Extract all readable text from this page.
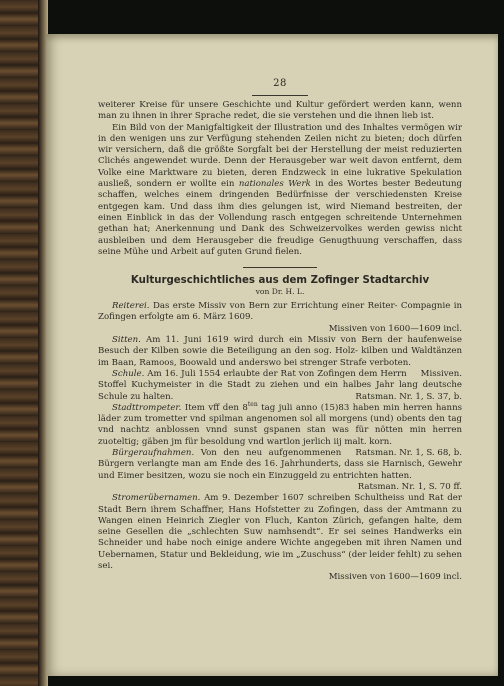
28

weiterer Kreise für unsere Geschichte und Kultur gefördert werden kann, wenn man zu ihnen in ihrer Sprache redet, die sie verstehen und die ihnen lieb ist.

Ein Bild von der Manigfaltigkeit der Illustration und des Inhaltes vermögen wir in den wenigen uns zur Verfügung stehenden Zeilen nicht zu bieten; doch dürfen wir versichern, daß die größte Sorgfalt bei der Herstellung der meist reduzierten Clichés angewendet wurde. Denn der Herausgeber war weit davon entfernt, dem Volke eine Marktware zu bieten, deren Endzweck in eine lukrative Spekulation ausließ, sondern er wollte ein nationales Werk in des Wortes bester Bedeutung schaffen, welches einem dringenden Bedürfnisse der verschiedensten Kreise entgegen kam. Und dass ihm dies gelungen ist, wird Niemand bestreiten, der einen Einblick in das der Vollendung rasch entgegen schreitende Unternehmen gethan hat; Anerkennung und Dank des Schweizervolkes werden gewiss nicht ausbleiben und dem Herausgeber die freudige Genugthuung verschaffen, dass seine Mühe und Arbeit auf guten Grund fielen.

Kulturgeschichtliches aus dem Zofinger Stadtarchiv
von Dr. H. L.

Reiterei. Das erste Missiv von Bern zur Errichtung einer Reiter- Compagnie in Zofingen erfolgte am 6. März 1609.

Missiven von 1600—1609 incl.

Sitten. Am 11. Juni 1619 wird durch ein Missiv von Bern der haufenweise Besuch der Kilben sowie die Beteiligung an den sog. Holz- kilben und Waldtänzen im Baan, Ramoos, Boowald und anderswo bei strenger Strafe verboten.
Missiven.

Schule. Am 16. Juli 1554 erlaubte der Rat von Zofingen dem Herrn Stoffel Kuchymeister in die Stadt zu ziehen und ein halbes Jahr lang deutsche Schule zu halten.	Ratsman. Nr. 1, S. 37, b.

Stadttrompeter. Item vff den $8^{ten}$ tag juli anno (15)83 haben min herren hanns läder zum trometter vnd spilman angenomen sol all morgens (und) obents den tag vnd nachtz anblossen vnnd sunst gspanen stan was für nötten min herren zuoteltig; gäben jm für besoldung vnd wartlon jerlich iij malt. korn.
Ratsman. Nr. 1, S. 68, b.

Bürgeraufnahmen. Von den neu aufgenommenen Bürgern verlangte man am Ende des 16. Jahrhunderts, dass sie Harnisch, Gewehr und Eimer besitzen, wozu sie noch ein Einzuggeld zu entrichten hatten.

Ratsman. Nr. 1, S. 70 ff.

Stromerübernamen. Am 9. Dezember 1607 schreiben Schultheiss und Rat der Stadt Bern ihrem Schaffner, Hans Hofstetter zu Zofingen, dass der Amtmann zu Wangen einen Heinrich Ziegler von Fluch, Kanton Zürich, gefangen halte, dem seine Gesellen die „schlechten Suw namhsendt“. Er sei seines Handwerks ein Schneider und habe noch einige andere Wichte angegeben mit ihren Namen und Uebernamen, Statur und Bekleidung, wie im „Zuschuss“ (der leider fehlt) zu sehen sei.

Missiven von 1600—1609 incl.
